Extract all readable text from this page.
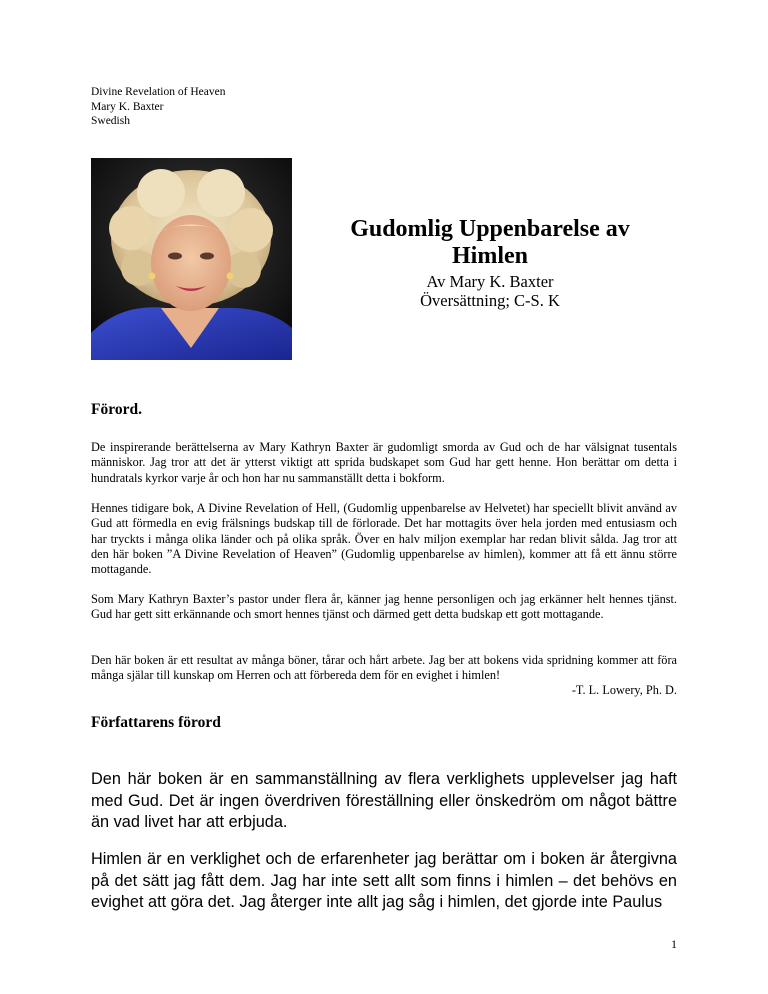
Divine Revelation of Heaven
Mary K. Baxter
Swedish
Gudomlig Uppenbarelse av
Himlen
Av Mary K. Baxter
Översättning; C-S. K
Förord.

De inspirerande berättelserna av Mary Kathryn Baxter är gudomligt smorda av Gud och de har välsignat tusentals människor. Jag tror att det är ytterst viktigt att sprida budskapet som Gud har gett henne. Hon berättar om detta i hundratals kyrkor varje år och hon har nu sammanställt detta i bokform.

Hennes tidigare bok, A Divine Revelation of Hell, (Gudomlig uppenbarelse av Helvetet) har speciellt blivit använd av Gud att förmedla en evig frälsnings budskap till de förlorade. Det har mottagits över hela jorden med entusiasm och har tryckts i många olika länder och på olika språk. Över en halv miljon exemplar har redan blivit sålda. Jag tror att den här boken ”A Divine Revelation of Heaven” (Gudomlig uppenbarelse av himlen), kommer att få ett ännu större mottagande.

Som Mary Kathryn Baxter’s pastor under flera år, känner jag henne personligen och jag erkänner helt hennes tjänst. Gud har gett sitt erkännande och smort hennes tjänst och därmed gett detta budskap ett gott mottagande.

Den här boken är ett resultat av många böner, tårar och hårt arbete. Jag ber att bokens vida spridning kommer att föra många själar till kunskap om Herren och att förbereda dem för en evighet i himlen!

-T. L. Lowery, Ph. D.
Författarens förord

Den här boken är en sammanställning av flera verklighets upplevelser jag haft med Gud. Det är ingen överdriven föreställning eller önskedröm om något bättre än vad livet har att erbjuda.

Himlen är en verklighet och de erfarenheter jag berättar om i boken är återgivna på det sätt jag fått dem. Jag har inte sett allt som finns i himlen – det behövs en evighet att göra det. Jag återger inte allt jag såg i himlen, det gjorde inte Paulus

1
